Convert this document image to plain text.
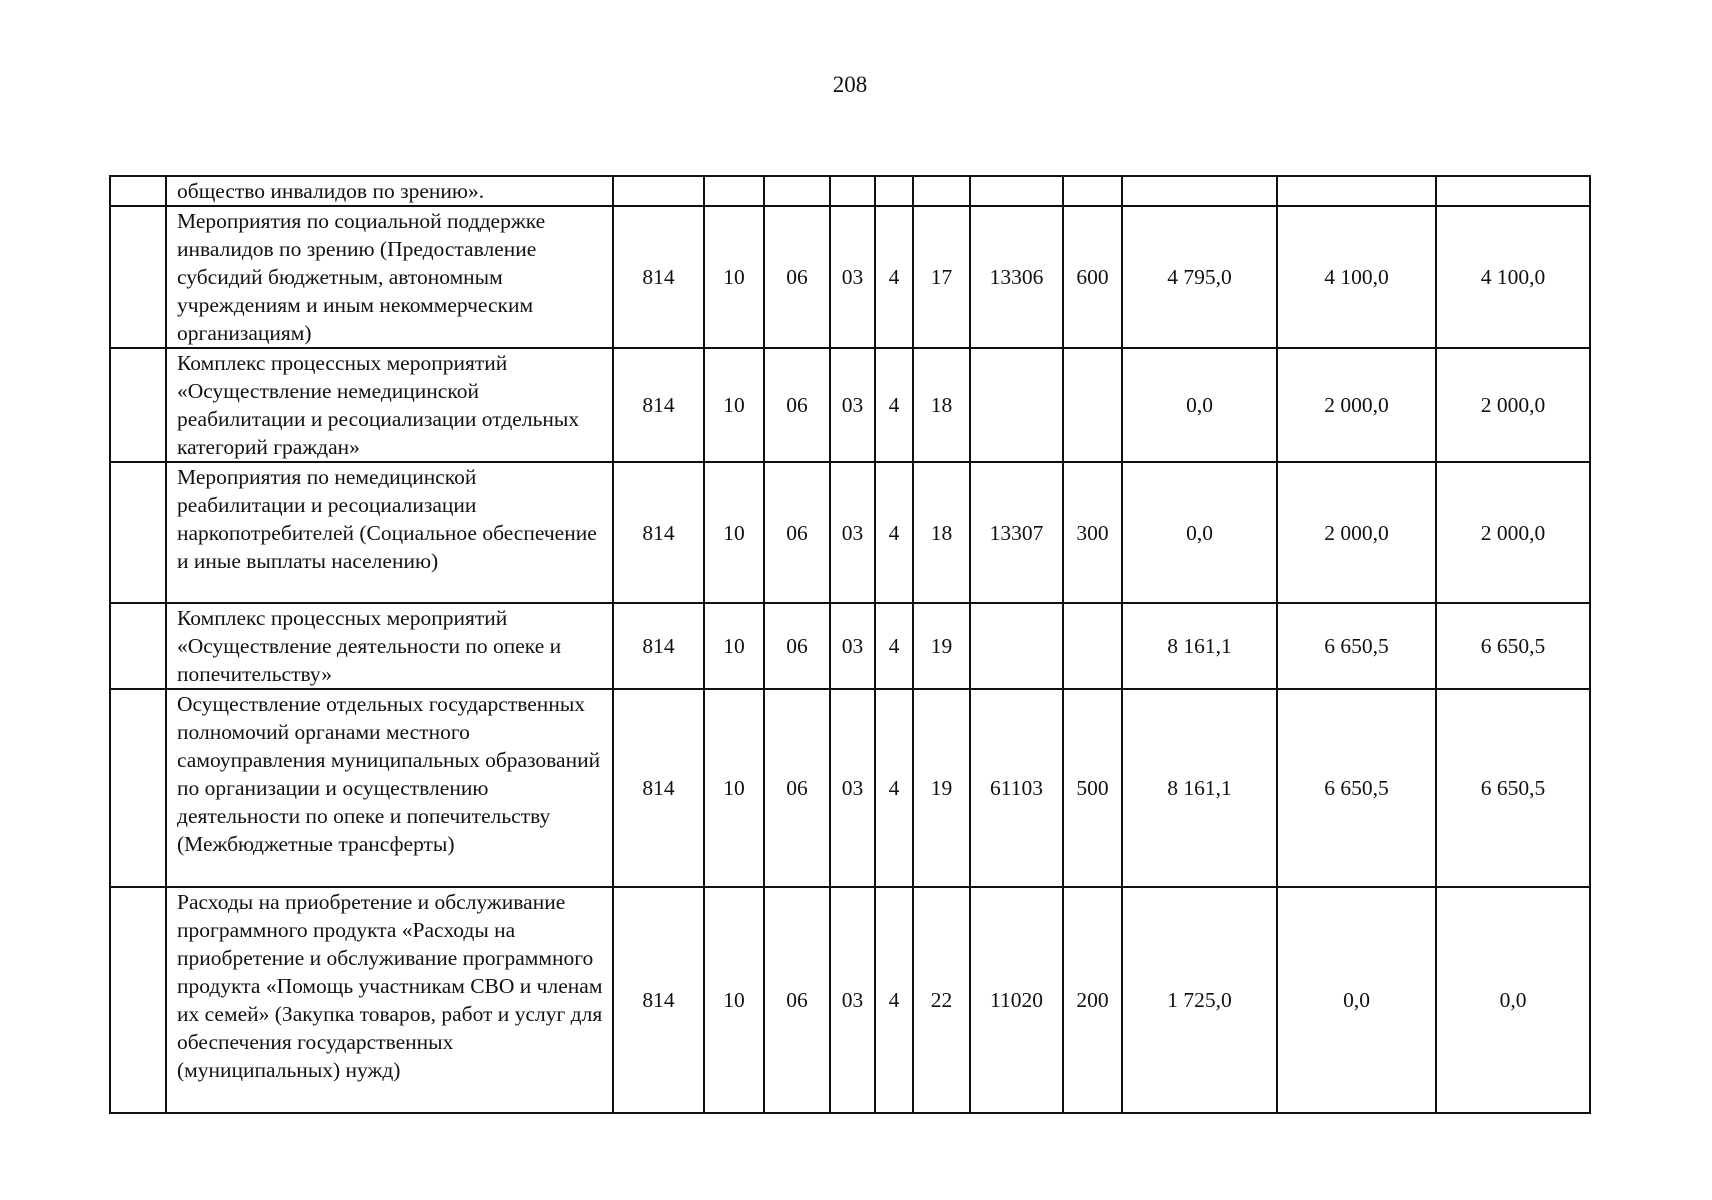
208
	общество инвалидов по зрению».											
	Мероприятия по социальной поддержке инвалидов по зрению (Предоставление субсидий бюджетным, автономным учреждениям и иным некоммерческим организациям)	814	10	06	03	4	17	13306	600	4 795,0	4 100,0	4 100,0
	Комплекс процессных мероприятий «Осуществление немедицинской реабилитации и ресоциализации отдельных категорий граждан»	814	10	06	03	4	18			0,0	2 000,0	2 000,0
	Мероприятия по немедицинской реабилитации и ресоциализации наркопотребителей (Социальное обеспечение и иные выплаты населению)	814	10	06	03	4	18	13307	300	0,0	2 000,0	2 000,0
	Комплекс процессных мероприятий «Осуществление деятельности по опеке и попечительству»	814	10	06	03	4	19			8 161,1	6 650,5	6 650,5
	Осуществление отдельных государственных полномочий органами местного самоуправления муниципальных образований по организации и осуществлению деятельности по опеке и попечительству (Межбюджетные трансферты)	814	10	06	03	4	19	61103	500	8 161,1	6 650,5	6 650,5
	Расходы на приобретение и обслуживание программного продукта «Расходы на приобретение и обслуживание программного продукта «Помощь участникам СВО и членам их семей» (Закупка товаров, работ и услуг для обеспечения государственных (муниципальных) нужд)	814	10	06	03	4	22	11020	200	1 725,0	0,0	0,0
